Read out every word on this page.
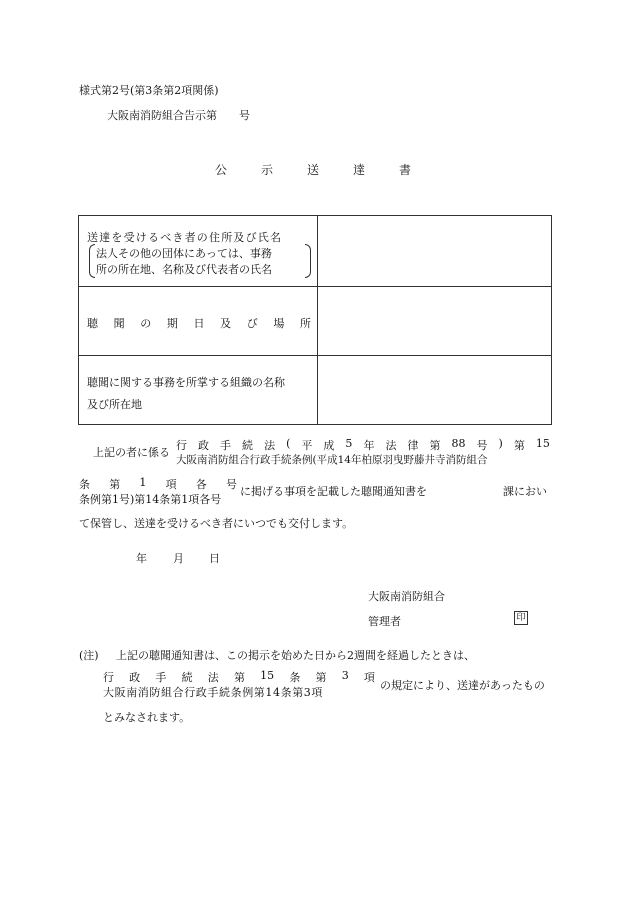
様式第2号(第3条第2項関係)
大阪南消防組合告示第　　号
公	示	送	達	書
送達を受けるべき者の住所及び氏名
法人その他の団体にあっては、事務
所の所在地、名称及び代表者の氏名
聴 聞 の 期 日 及 び 場 所
聴聞に関する事務を所掌する組織の名称
及び所在地
上記の者に係る
行 政 手 続 法 ( 平 成 5 年 法 律 第 88 号 ) 第 15
大阪南消防組合行政手続条例(平成14年柏原羽曳野藤井寺消防組合
条 第 1 項 各 号
条例第1号)第14条第1項各号
に掲げる事項を記載した聴聞通知書を	課におい
て保管し、送達を受けるべき者にいつでも交付します。
年 月 日
大阪南消防組合
管理者	印
(注) 上記の聴聞通知書は、この掲示を始めた日から2週間を経過したときは、
行 政 手 続 法 第 15 条 第 3 項
大阪南消防組合行政手続条例第14条第3項
の規定により、送達があったもの
とみなされます。
